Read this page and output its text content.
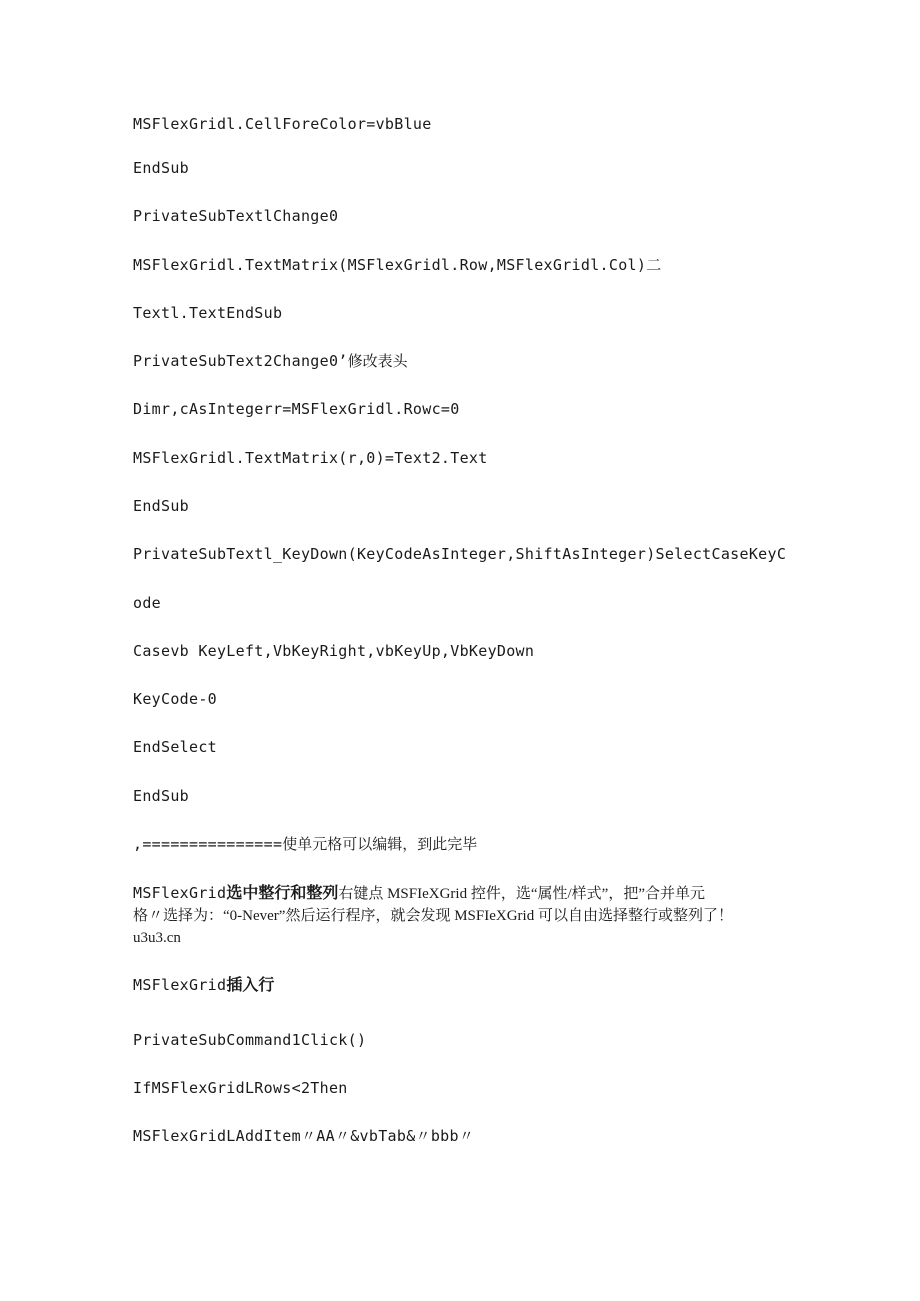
MSFlexGridl.CellForeColor=vbBlue
EndSub
PrivateSubTextlChange0
MSFlexGridl.TextMatrix(MSFlexGridl.Row,MSFlexGridl.Col)二
Textl.TextEndSub
PrivateSubText2Change0’修改表头
Dimr,cAsIntegerr=MSFlexGridl.Rowc=0
MSFlexGridl.TextMatrix(r,0)=Text2.Text
EndSub
PrivateSubTextl_KeyDown(KeyCodeAsInteger,ShiftAsInteger)SelectCaseKeyC
ode
Casevb KeyLeft,VbKeyRight,vbKeyUp,VbKeyDown
KeyCode-0
EndSelect
EndSub
‚===============使单元格可以编辑，到此完毕
MSFlexGrid选中整行和整列右键点 MSFIeXGrid 控件，选“属性/样式”，把”合并单元
格〃选择为：“0-Never”然后运行程序，就会发现 MSFIeXGrid 可以自由选择整行或整列了！
u3u3.cn
MSFlexGrid插入行
PrivateSubCommand1Click()
IfMSFlexGridLRows<2Then
MSFlexGridLAddItem〃AA〃&vbTab&〃bbb〃
